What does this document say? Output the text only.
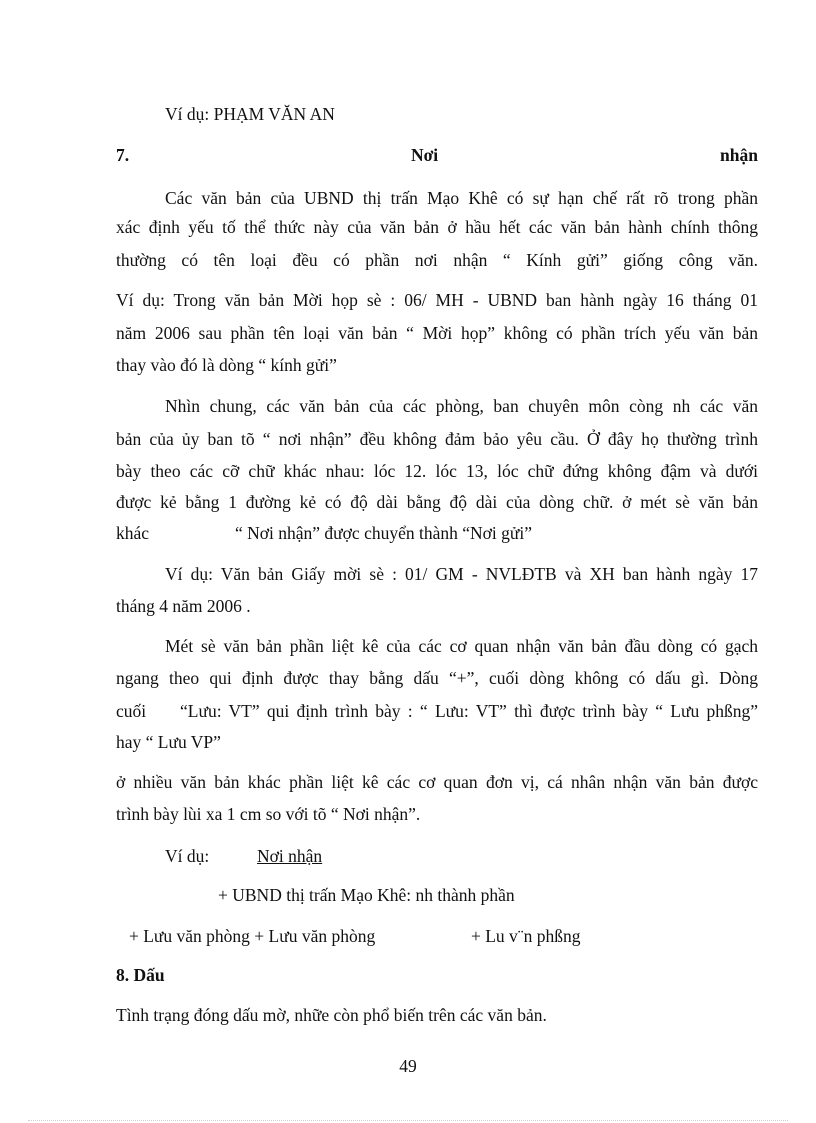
Ví dụ: PHẠM VĂN AN
7.	Nơi	nhận
Các văn bản của UBND thị trấn Mạo Khê có sự hạn chế rất rõ trong phần
xác định yếu tố thể thức này của văn bản ở hầu hết các văn bản hành chính thông
thường có tên loại đều có phần nơi nhận “ Kính gửi” giống công văn.
Ví dụ: Trong văn bản Mời họp sè : 06/ MH - UBND ban hành ngày 16 tháng 01
năm 2006 sau phần tên loại văn bản “ Mời họp” không có phần trích yếu văn bản
thay vào đó là dòng “ kính gửi”
Nhìn chung, các văn bản của các phòng, ban chuyên môn còng nh các văn
bản của ủy ban tõ “ nơi nhận” đều không đảm bảo yêu cầu. Ở đây họ thường trình
bày theo các cỡ chữ khác nhau: lóc 12. lóc 13, lóc chữ đứng không đậm và dưới
được kẻ bằng 1 đường kẻ có độ dài bằng độ dài của dòng chữ. ở mét sè văn bản
khác	“ Nơi nhận” được chuyển thành “Nơi gửi”
Ví dụ: Văn bản Giấy mời sè : 01/ GM - NVLĐTB và XH ban hành ngày 17
tháng 4 năm 2006 .
Mét sè văn bản phần liệt kê của các cơ quan nhận văn bản đầu dòng có gạch
ngang theo qui định được thay bằng dấu “+”, cuối dòng không có dấu gì. Dòng
cuối “Lưu: VT” qui định trình bày : “ Lưu: VT” thì được trình bày “ Lưu phßng”
hay “ Lưu VP”
ở nhiều văn bản khác phần liệt kê các cơ quan đơn vị, cá nhân nhận văn bản được
trình bày lùi xa 1 cm so với tõ “ Nơi nhận”.
Ví dụ:	Nơi nhận
+ UBND thị trấn Mạo Khê: nh thành phần
+ Lưu văn phòng + Lưu văn phòng	+ Lu v¨n phßng
8. Dấu
Tình trạng đóng dấu mờ, nhữe còn phổ biến trên các văn bản.
49
